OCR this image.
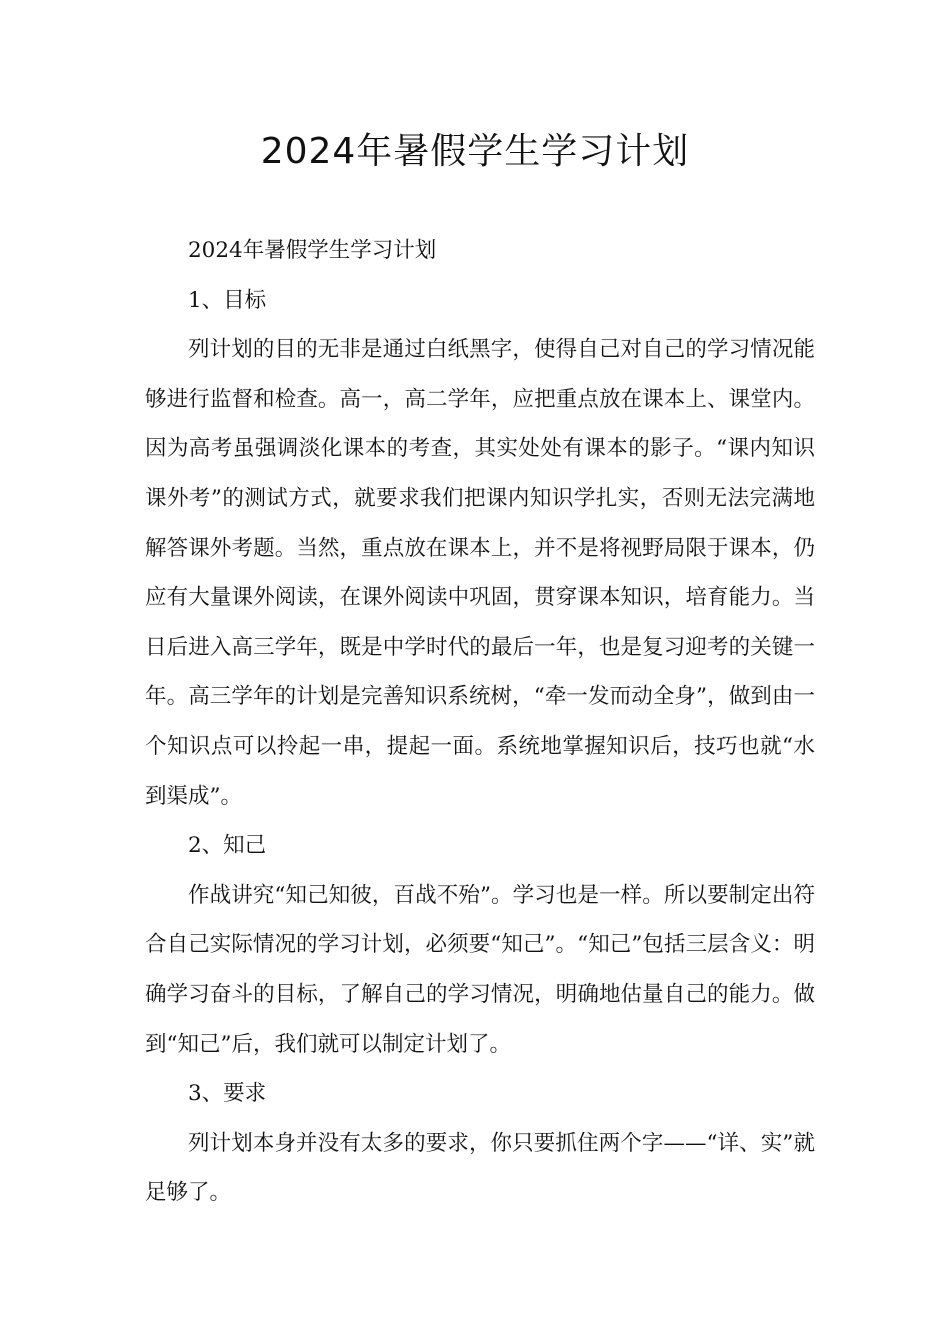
2024年暑假学生学习计划

2024年暑假学生学习计划

1、目标

列计划的目的无非是通过白纸黑字，使得自己对自己的学习情况能够进行监督和检查。高一，高二学年，应把重点放在课本上、课堂内。因为高考虽强调淡化课本的考查，其实处处有课本的影子。“课内知识课外考”的测试方式，就要求我们把课内知识学扎实，否则无法完满地解答课外考题。当然，重点放在课本上，并不是将视野局限于课本，仍应有大量课外阅读，在课外阅读中巩固，贯穿课本知识，培育能力。当日后进入高三学年，既是中学时代的最后一年，也是复习迎考的关键一年。高三学年的计划是完善知识系统树，“牵一发而动全身”，做到由一个知识点可以拎起一串，提起一面。系统地掌握知识后，技巧也就“水到渠成”。

2、知己

作战讲究“知己知彼，百战不殆”。学习也是一样。所以要制定出符合自己实际情况的学习计划，必须要“知己”。“知己”包括三层含义：明确学习奋斗的目标，了解自己的学习情况，明确地估量自己的能力。做到“知己”后，我们就可以制定计划了。

3、要求

列计划本身并没有太多的要求，你只要抓住两个字——“详、实”就足够了。
